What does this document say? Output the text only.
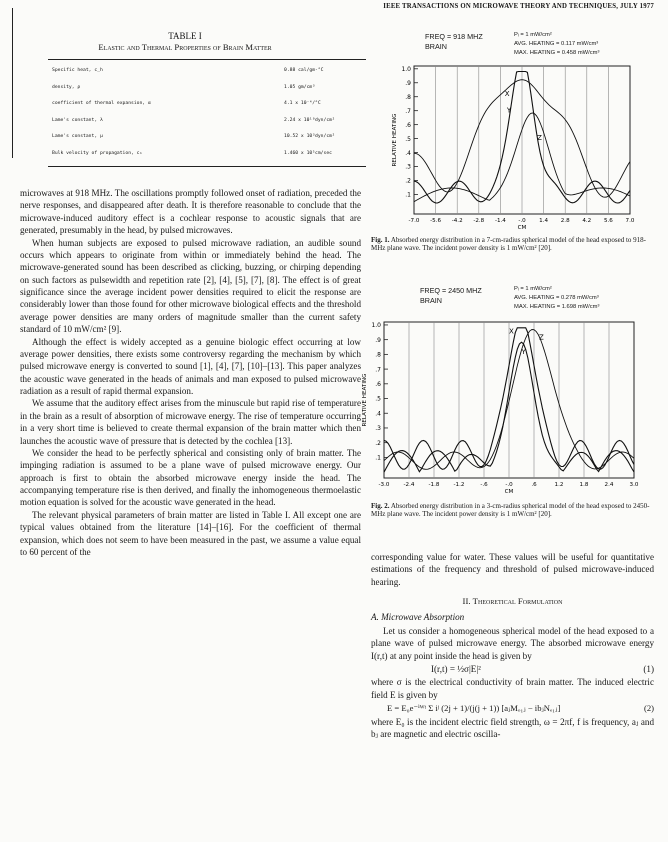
IEEE TRANSACTIONS ON MICROWAVE THEORY AND TECHNIQUES, JULY 1977
TABLE I
Elastic and Thermal Properties of Brain Matter
Specific heat, c_h	0.88 cal/gm-°C
density, ρ	1.05 gm/cm³
coefficient of thermal expansion, α	4.1 x 10⁻⁴/°C
Lame's constant, λ	2.24 x 10¹⁰dyn/cm²
Lame's constant, μ	10.52 x 10³dyn/cm²
Bulk velocity of propagation, c₁	1.460 x 10⁵cm/sec

microwaves at 918 MHz. The oscillations promptly followed onset of radiation, preceded the nerve responses, and disappeared after death. It is therefore reasonable to conclude that the microwave-induced auditory effect is a cochlear response to acoustic signals that are generated, presumably in the head, by pulsed microwaves.

When human subjects are exposed to pulsed microwave radiation, an audible sound occurs which appears to originate from within or immediately behind the head. The microwave-generated sound has been described as clicking, buzzing, or chirping depending on such factors as pulsewidth and repetition rate [2], [4], [5], [7], [8]. The effect is of great significance since the average incident power densities required to elicit the response are considerably lower than those found for other microwave biological effects and the threshold average power densities are many orders of magnitude smaller than the current safety standard of 10 mW/cm² [9].

Although the effect is widely accepted as a genuine biologic effect occurring at low average power densities, there exists some controversy regarding the mechanism by which pulsed microwave energy is converted to sound [1], [4], [7], [10]–[13]. This paper analyzes the acoustic wave generated in the heads of animals and man exposed to pulsed microwave radiation as a result of rapid thermal expansion.

We assume that the auditory effect arises from the minuscule but rapid rise of temperature in the brain as a result of absorption of microwave energy. The rise of temperature occurring in a very short time is believed to create thermal expansion of the brain matter which then launches the acoustic wave of pressure that is detected by the cochlea [13].

We consider the head to be perfectly spherical and consisting only of brain matter. The impinging radiation is assumed to be a plane wave of pulsed microwave energy. Our approach is first to obtain the absorbed microwave energy inside the head. The accompanying temperature rise is then derived, and finally the inhomogeneous thermoelastic motion equation is solved for the acoustic wave generated in the head.

The relevant physical parameters of brain matter are listed in Table I. All except one are typical values obtained from the literature [14]–[16]. For the coefficient of thermal expansion, which does not seem to have been measured in the past, we assume a value equal to 60 percent of the

FREQ = 918 MHZ
BRAIN
Pᵢ = 1 mW/cm²
AVG. HEATING = 0.117 mW/cm³
MAX. HEATING = 0.458 mW/cm³
1.0
.9
.8
.7
.6
.5
.4
.3
.2
.1
-7.0 -5.6 -4.2 -2.8 -1.4 -.0 1.4 2.8 4.2 5.6 7.0
CM
RELATIVE HEATING
X
Y
Z
Fig. 1. Absorbed energy distribution in a 7-cm-radius spherical model of the head exposed to 918-MHz plane wave. The incident power density is 1 mW/cm² [20].
FREQ = 2450 MHZ
BRAIN
Pᵢ = 1 mW/cm²
AVG. HEATING = 0.278 mW/cm³
MAX. HEATING = 1.698 mW/cm³
1.0
.9
.8
.7
.6
.5
.4
.3
.2
.1
-3.0	-2.4	-1.8	-1.2	-.6	-.0	.6	1.2	1.8	2.4	3.0
CM
RELATIVE HEATING
X
Y
Z
Fig. 2. Absorbed energy distribution in a 3-cm-radius spherical model of the head exposed to 2450-MHz plane wave. The incident power density is 1 mW/cm² [20].

corresponding value for water. These values will be useful for quantitative estimations of the frequency and threshold of pulsed microwave-induced hearing.

II. Theoretical Formulation
A. Microwave Absorption

Let us consider a homogeneous spherical model of the head exposed to a plane wave of pulsed microwave energy. The absorbed microwave energy I(r,t) at any point inside the head is given by

I(r,t) = ½σ|E|²	(1)

where σ is the electrical conductivity of brain matter. The induced electric field E is given by

E = E₀e⁻ⁱᵂᵗ Σ iʲ (2j + 1)/(j(j + 1)) [aⱼMₒ₁ⱼ − ibⱼNₑ₁ⱼ]	(2)

where E₀ is the incident electric field strength, ω = 2πf, f is frequency, aⱼ and bⱼ are magnetic and electric oscilla-
